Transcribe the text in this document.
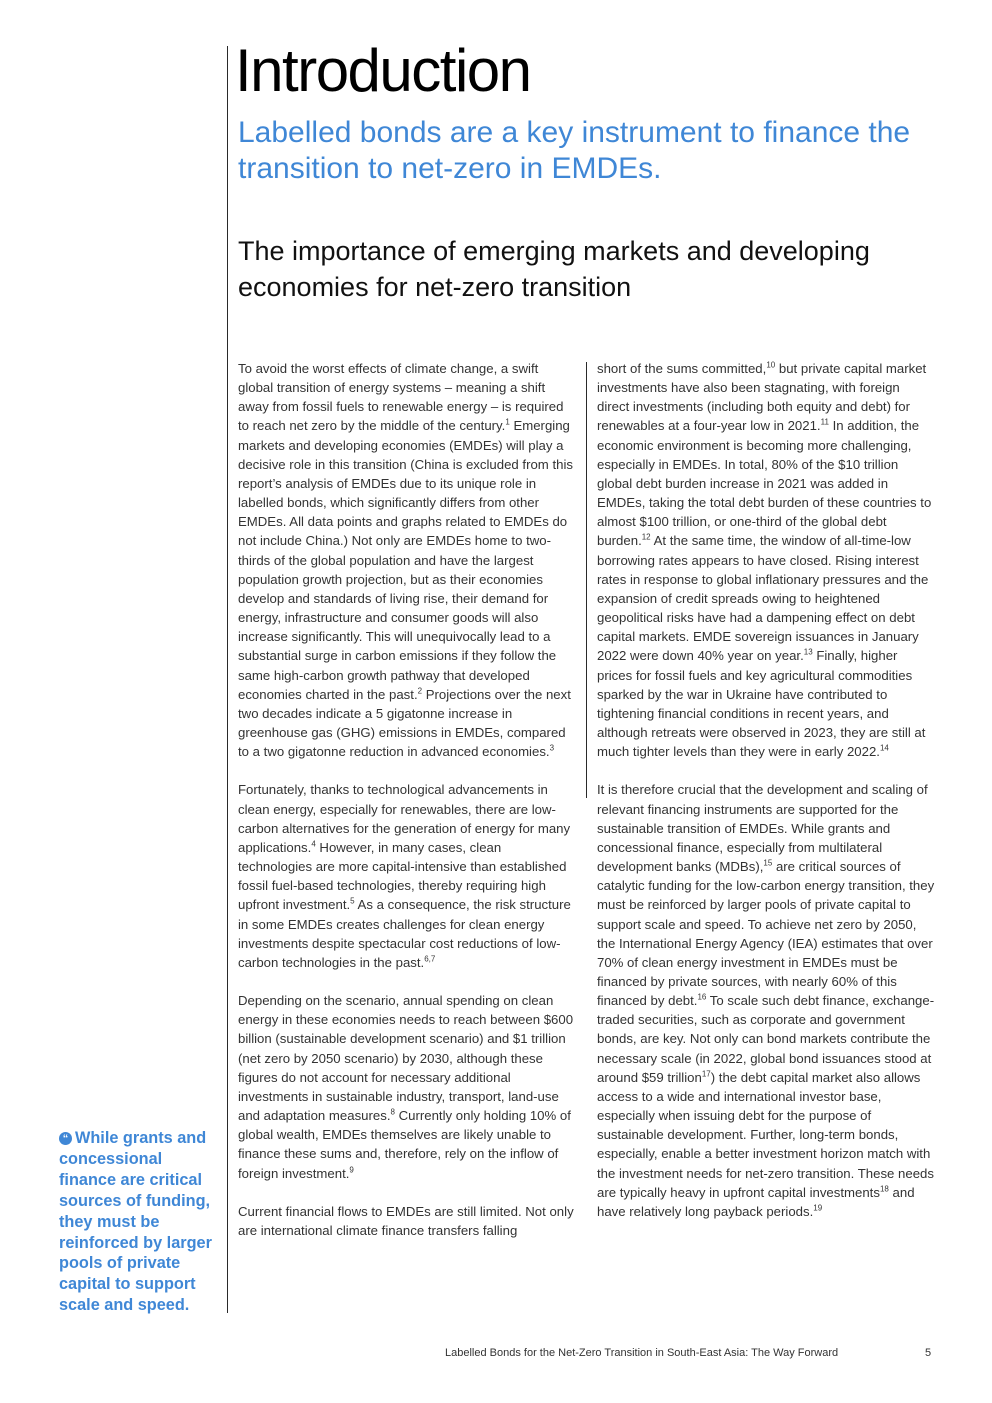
Introduction
Labelled bonds are a key instrument to finance the transition to net-zero in EMDEs.
The importance of emerging markets and developing economies for net-zero transition

To avoid the worst effects of climate change, a swift global transition of energy systems – meaning a shift away from fossil fuels to renewable energy – is required to reach net zero by the middle of the century.$^1$ Emerging markets and developing economies (EMDEs) will play a decisive role in this transition (China is excluded from this report’s analysis of EMDEs due to its unique role in labelled bonds, which significantly differs from other EMDEs. All data points and graphs related to EMDEs do not include China.) Not only are EMDEs home to two-thirds of the global population and have the largest population growth projection, but as their economies develop and standards of living rise, their demand for energy, infrastructure and consumer goods will also increase significantly. This will unequivocally lead to a substantial surge in carbon emissions if they follow the same high-carbon growth pathway that developed economies charted in the past.$^2$ Projections over the next two decades indicate a 5 gigatonne increase in greenhouse gas (GHG) emissions in EMDEs, compared to a two gigatonne reduction in advanced economies.$^3$

Fortunately, thanks to technological advancements in clean energy, especially for renewables, there are low-carbon alternatives for the generation of energy for many applications.$^4$ However, in many cases, clean technologies are more capital-intensive than established fossil fuel-based technologies, thereby requiring high upfront investment.$^5$ As a consequence, the risk structure in some EMDEs creates challenges for clean energy investments despite spectacular cost reductions of low-carbon technologies in the past.$^{6,7}$

Depending on the scenario, annual spending on clean energy in these economies needs to reach between $600 billion (sustainable development scenario) and $1 trillion (net zero by 2050 scenario) by 2030, although these figures do not account for necessary additional investments in sustainable industry, transport, land-use and adaptation measures.$^8$ Currently only holding 10% of global wealth, EMDEs themselves are likely unable to finance these sums and, therefore, rely on the inflow of foreign investment.$^9$

Current financial flows to EMDEs are still limited. Not only are international climate finance transfers falling

short of the sums committed,$^{10}$ but private capital market investments have also been stagnating, with foreign direct investments (including both equity and debt) for renewables at a four-year low in 2021.11 In addition, the economic environment is becoming more challenging, especially in EMDEs. In total, 80% of the $10 trillion global debt burden increase in 2021 was added in EMDEs, taking the total debt burden of these countries to almost $100 trillion, or one-third of the global debt burden.$^{12}$ At the same time, the window of all-time-low borrowing rates appears to have closed. Rising interest rates in response to global inflationary pressures and the expansion of credit spreads owing to heightened geopolitical risks have had a dampening effect on debt capital markets. EMDE sovereign issuances in January 2022 were down 40% year on year.$^{13}$ Finally, higher prices for fossil fuels and key agricultural commodities sparked by the war in Ukraine have contributed to tightening financial conditions in recent years, and although retreats were observed in 2023, they are still at much tighter levels than they were in early 2022.14

It is therefore crucial that the development and scaling of relevant financing instruments are supported for the sustainable transition of EMDEs. While grants and concessional finance, especially from multilateral development banks (MDBs),$^{15}$ are critical sources of catalytic funding for the low-carbon energy transition, they must be reinforced by larger pools of private capital to support scale and speed. To achieve net zero by 2050, the International Energy Agency (IEA) estimates that over 70% of clean energy investment in EMDEs must be financed by private sources, with nearly 60% of this financed by debt.$^{16}$ To scale such debt finance, exchange-traded securities, such as corporate and government bonds, are key. Not only can bond markets contribute the necessary scale (in 2022, global bond issuances stood at around $59 trillion$^{17}$) the debt capital market also allows access to a wide and international investor base, especially when issuing debt for the purpose of sustainable development. Further, long-term bonds, especially, enable a better investment horizon match with the investment needs for net-zero transition. These needs are typically heavy in upfront capital investments$^{18}$ and have relatively long payback periods.$^{19}$

“ While grants and concessional finance are critical sources of funding, they must be reinforced by larger pools of private capital to support scale and speed.

Labelled Bonds for the Net-Zero Transition in South-East Asia: The Way Forward	5
